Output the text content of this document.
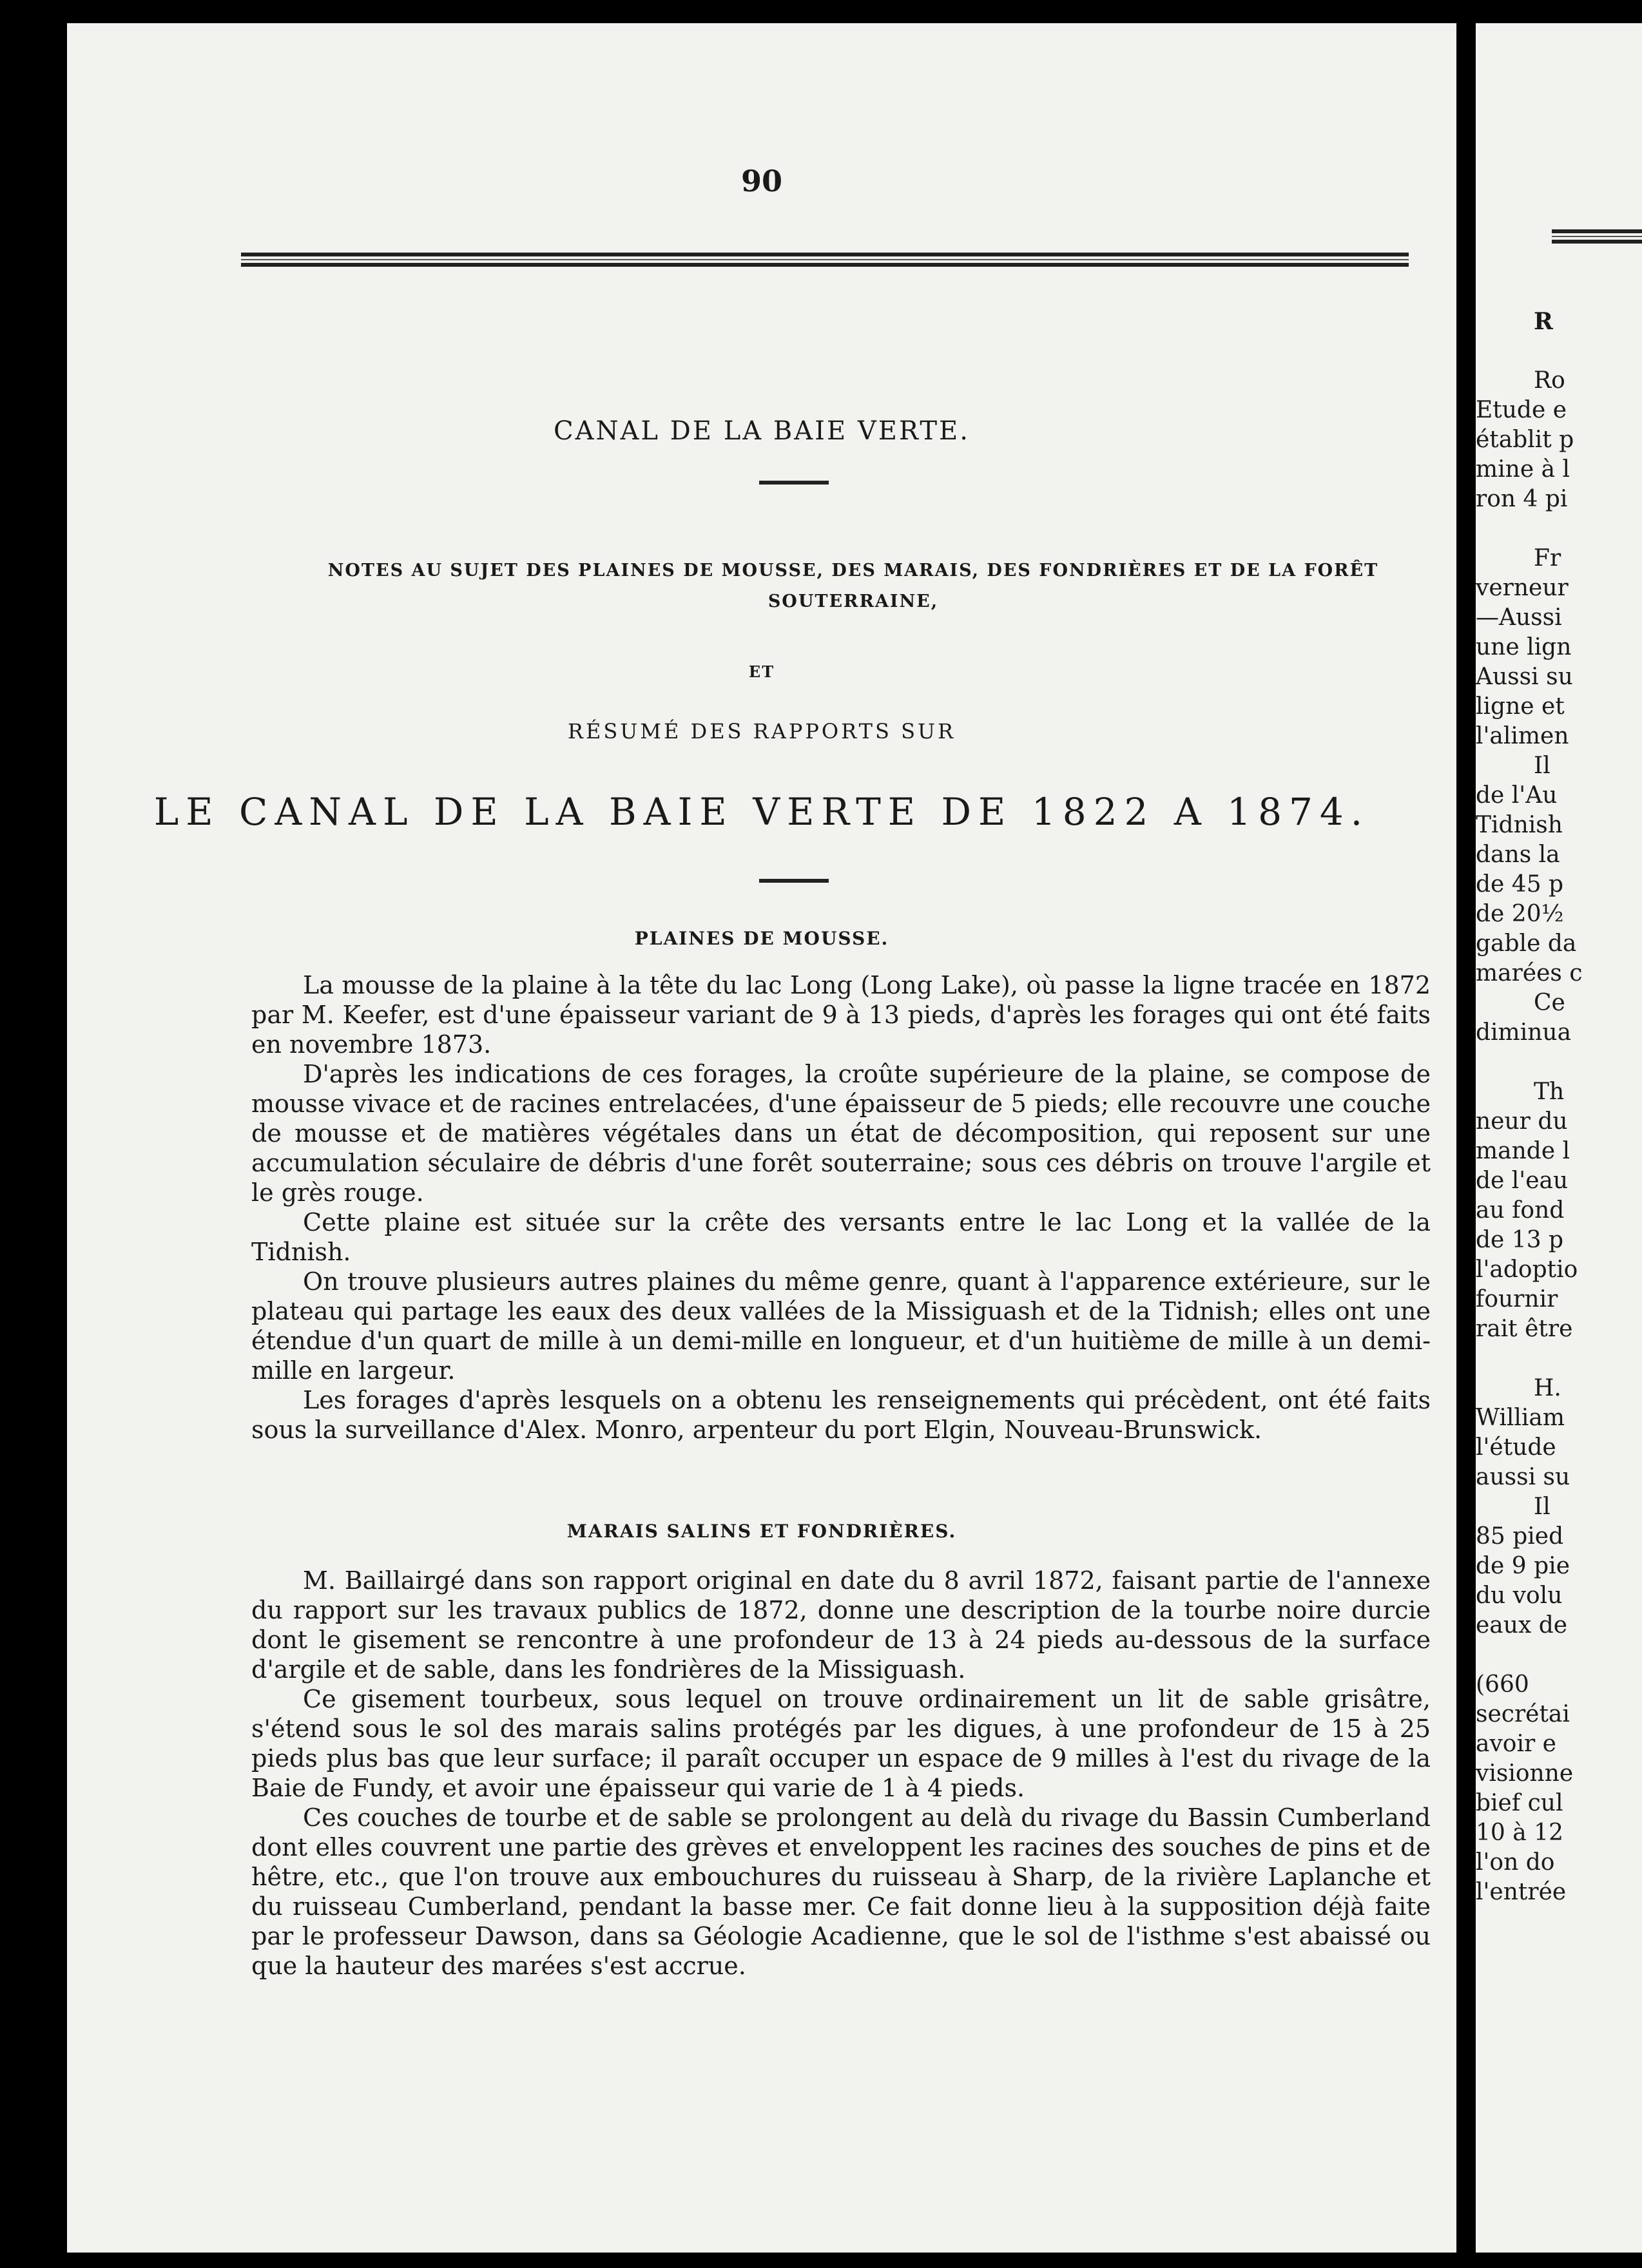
90
CANAL DE LA BAIE VERTE.
NOTES AU SUJET DES PLAINES DE MOUSSE, DES MARAIS, DES FONDRIÈRES ET DE LA FORÊT SOUTERRAINE,
ET
RÉSUMÉ DES RAPPORTS SUR
LE CANAL DE LA BAIE VERTE DE 1822 A 1874.
PLAINES DE MOUSSE.

La mousse de la plaine à la tête du lac Long (Long Lake), où passe la ligne tracée en 1872 par M. Keefer, est d'une épaisseur variant de 9 à 13 pieds, d'après les forages qui ont été faits en novembre 1873.

D'après les indications de ces forages, la croûte supérieure de la plaine, se compose de mousse vivace et de racines entrelacées, d'une épaisseur de 5 pieds; elle recouvre une couche de mousse et de matières végétales dans un état de décomposition, qui reposent sur une accumulation séculaire de débris d'une forêt souterraine; sous ces débris on trouve l'argile et le grès rouge.

Cette plaine est située sur la crête des versants entre le lac Long et la vallée de la Tidnish.

On trouve plusieurs autres plaines du même genre, quant à l'apparence extérieure, sur le plateau qui partage les eaux des deux vallées de la Missiguash et de la Tidnish; elles ont une étendue d'un quart de mille à un demi-mille en longueur, et d'un huitième de mille à un demi-mille en largeur.

Les forages d'après lesquels on a obtenu les renseignements qui précèdent, ont été faits sous la surveillance d'Alex. Monro, arpenteur du port Elgin, Nouveau-Brunswick.

MARAIS SALINS ET FONDRIÈRES.

M. Baillairgé dans son rapport original en date du 8 avril 1872, faisant partie de l'annexe du rapport sur les travaux publics de 1872, donne une description de la tourbe noire durcie dont le gisement se rencontre à une profondeur de 13 à 24 pieds au-dessous de la surface d'argile et de sable, dans les fondrières de la Missiguash.

Ce gisement tourbeux, sous lequel on trouve ordinairement un lit de sable grisâtre, s'étend sous le sol des marais salins protégés par les digues, à une profondeur de 15 à 25 pieds plus bas que leur surface; il paraît occuper un espace de 9 milles à l'est du rivage de la Baie de Fundy, et avoir une épaisseur qui varie de 1 à 4 pieds.

Ces couches de tourbe et de sable se prolongent au delà du rivage du Bassin Cumberland dont elles couvrent une partie des grèves et enveloppent les racines des souches de pins et de hêtre, etc., que l'on trouve aux embouchures du ruisseau à Sharp, de la rivière Laplanche et du ruisseau Cumberland, pendant la basse mer. Ce fait donne lieu à la supposition déjà faite par le professeur Dawson, dans sa Géologie Acadienne, que le sol de l'isthme s'est abaissé ou que la hauteur des marées s'est accrue.

R
Ro
Etude e
établit p
mine à l
ron 4 pi
Fr
verneur
—Aussi
une lign
Aussi su
ligne et
l'alimen
Il
de l'Au
Tidnish
dans la
de 45 p
de 20½
gable da
marées c
Ce
diminua
Th
neur du
mande l
de l'eau
au fond
de 13 p
l'adoptio
fournir
rait être
H.
William
l'étude
aussi su
Il
85 pied
de 9 pie
du volu
eaux de
(660
secrétai
avoir e
visionne
bief cul
10 à 12
l'on do
l'entrée
